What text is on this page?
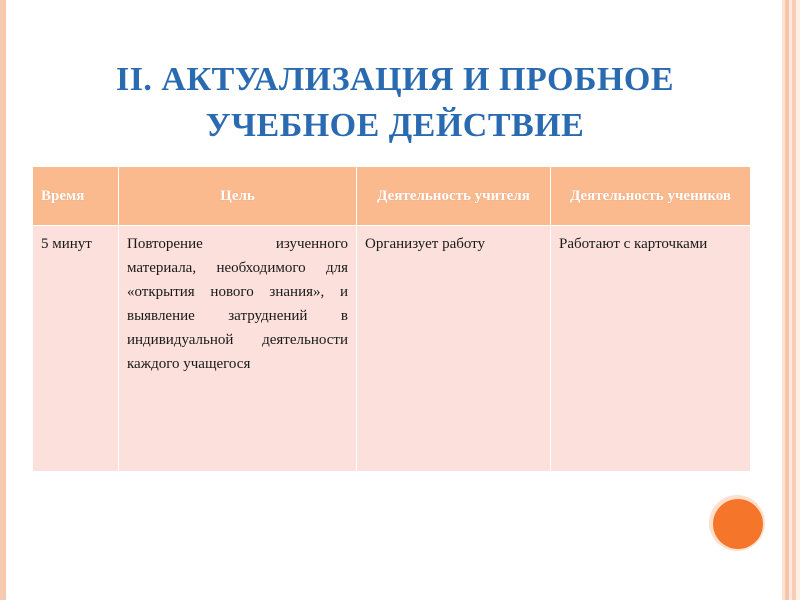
II. АКТУАЛИЗАЦИЯ И ПРОБНОЕ УЧЕБНОЕ ДЕЙСТВИЕ
Время	Цель	Деятельность учителя	Деятельность учеников
5 минут	Повторение изученного материала, необходимого для «открытия нового знания», и выявление затруднений в индивидуальной деятельности каждого учащегося	Организует работу	Работают с карточками
